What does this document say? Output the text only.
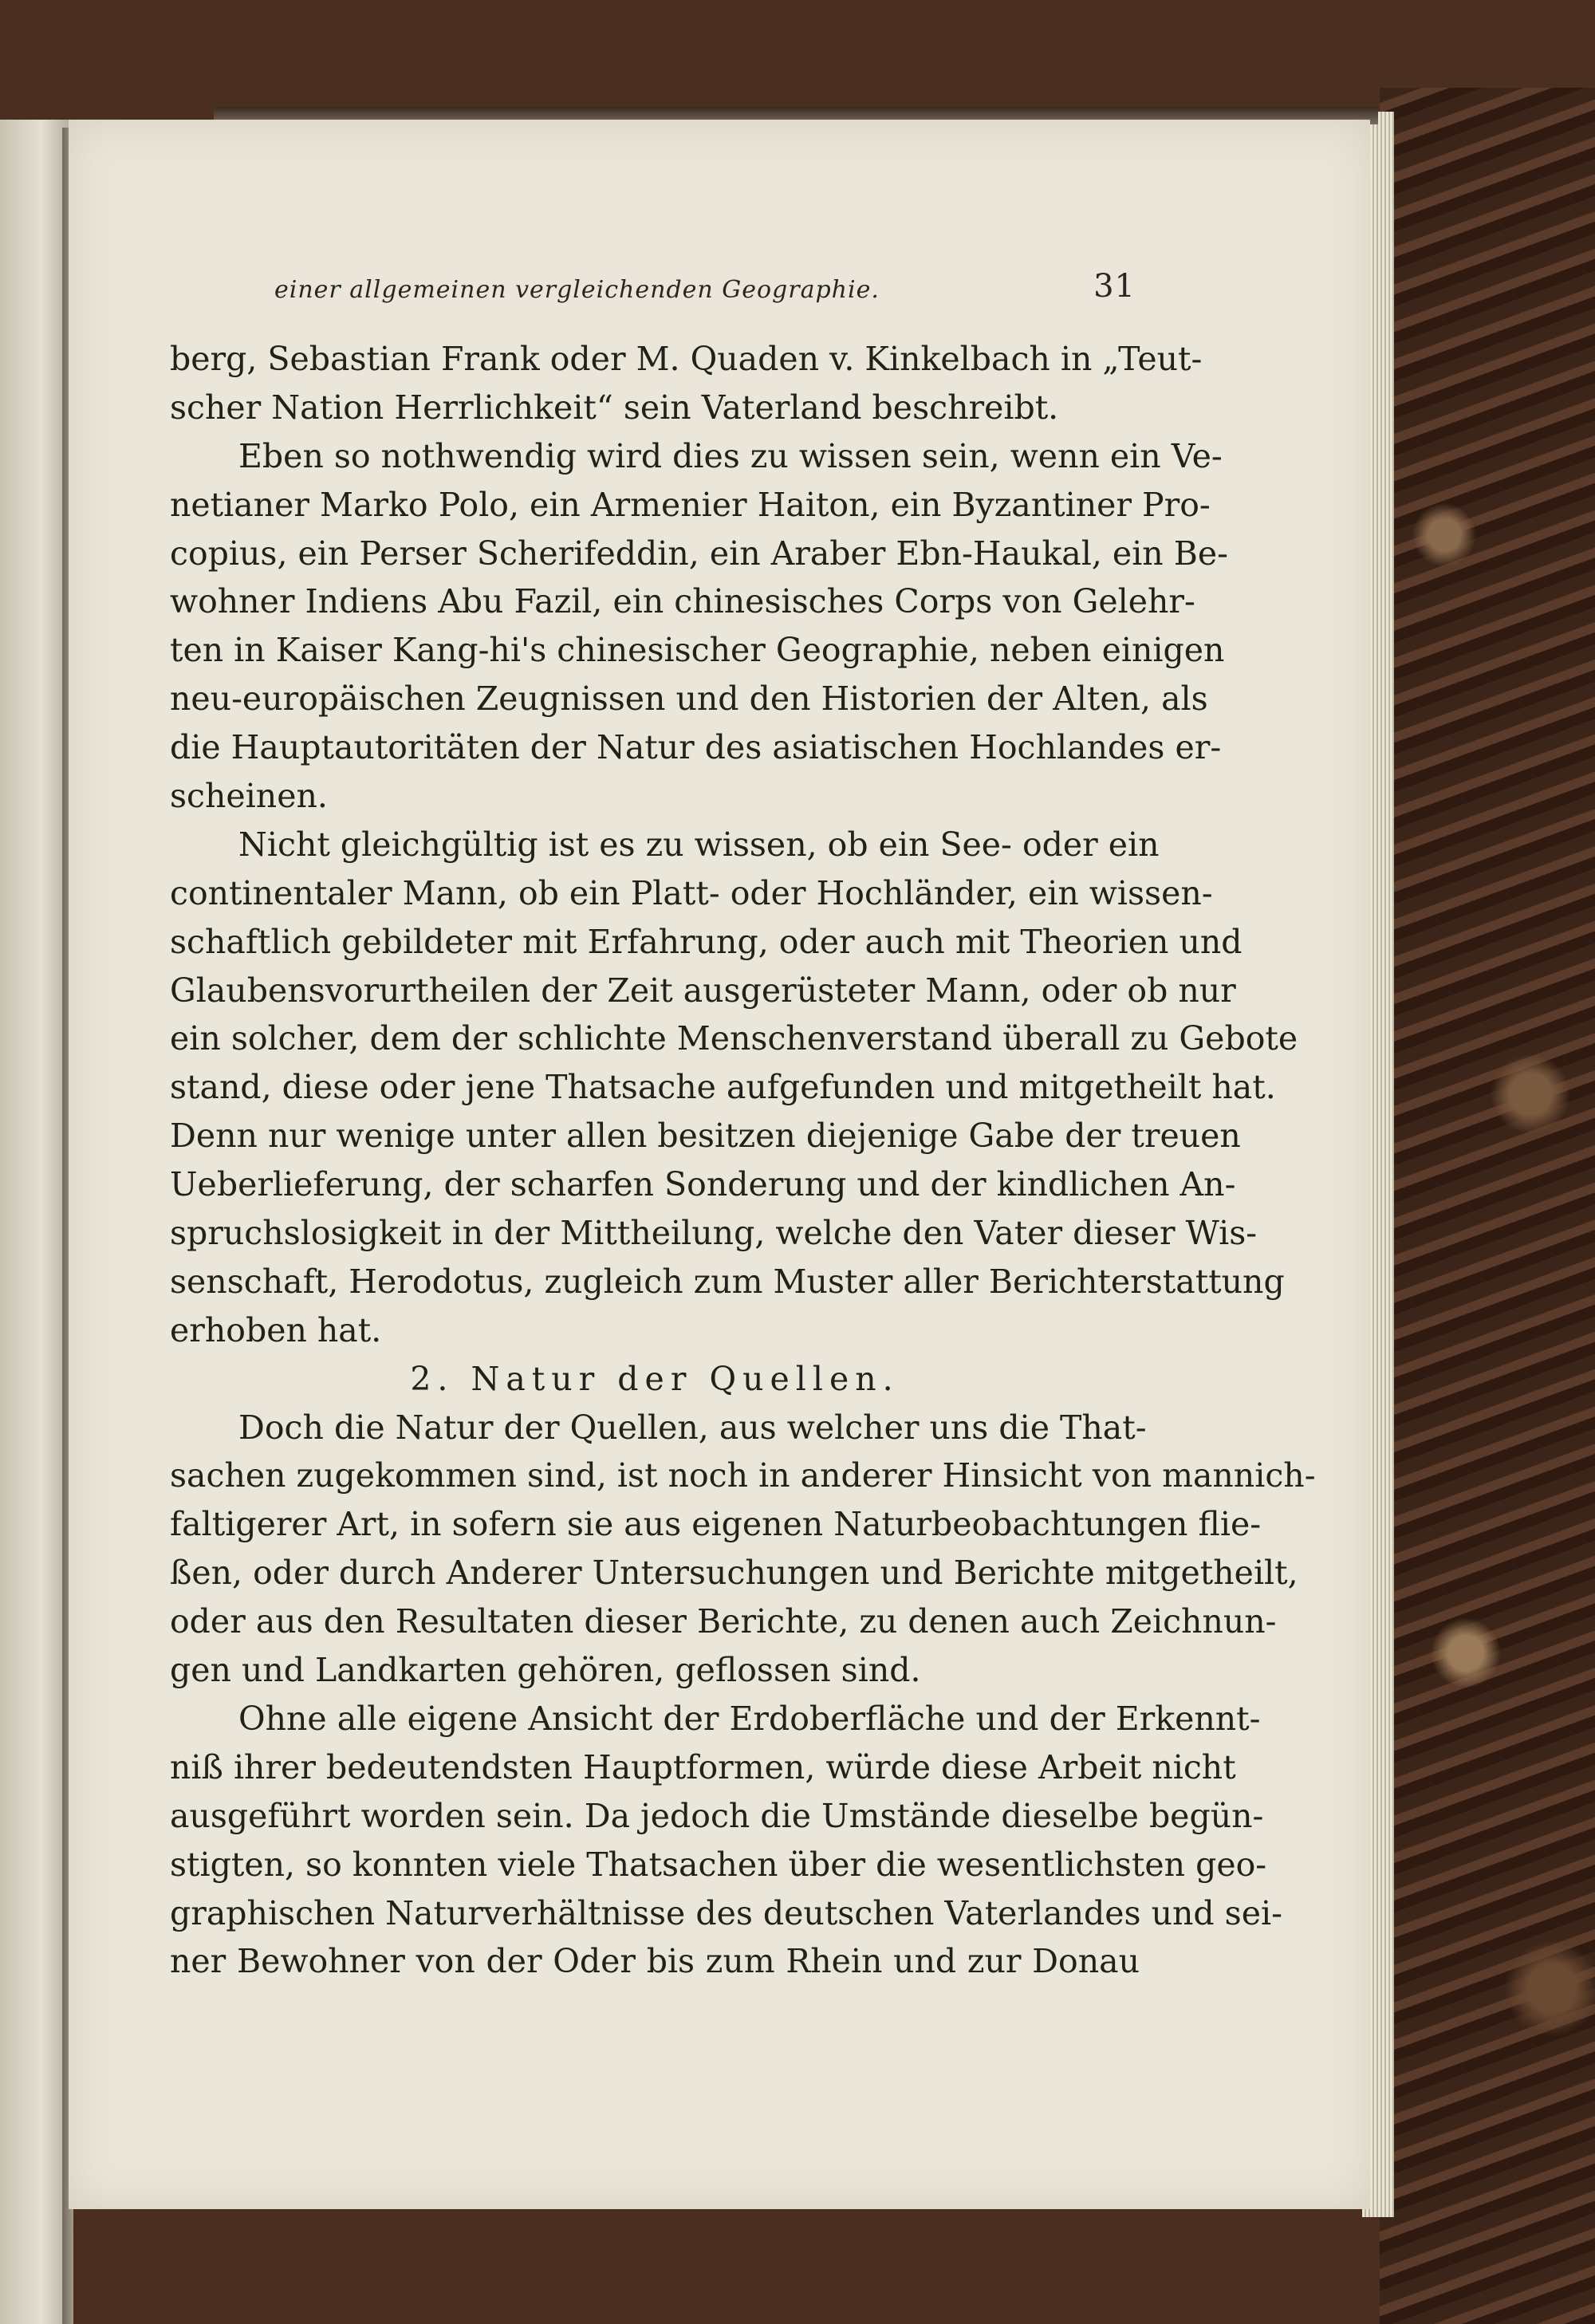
einer allgemeinen vergleichenden Geographie.	31
berg, Sebastian Frank oder M. Quaden v. Kinkelbach in „Teut-
scher Nation Herrlichkeit“ sein Vaterland beschreibt.
Eben so nothwendig wird dies zu wissen sein, wenn ein Ve-
netianer Marko Polo, ein Armenier Haiton, ein Byzantiner Pro-
copius, ein Perser Scherifeddin, ein Araber Ebn-Haukal, ein Be-
wohner Indiens Abu Fazil, ein chinesisches Corps von Gelehr-
ten in Kaiser Kang-hi's chinesischer Geographie, neben einigen
neu-europäischen Zeugnissen und den Historien der Alten, als
die Hauptautoritäten der Natur des asiatischen Hochlandes er-
scheinen.
Nicht gleichgültig ist es zu wissen, ob ein See- oder ein
continentaler Mann, ob ein Platt- oder Hochländer, ein wissen-
schaftlich gebildeter mit Erfahrung, oder auch mit Theorien und
Glaubensvorurtheilen der Zeit ausgerüsteter Mann, oder ob nur
ein solcher, dem der schlichte Menschenverstand überall zu Gebote
stand, diese oder jene Thatsache aufgefunden und mitgetheilt hat.
Denn nur wenige unter allen besitzen diejenige Gabe der treuen
Ueberlieferung, der scharfen Sonderung und der kindlichen An-
spruchslosigkeit in der Mittheilung, welche den Vater dieser Wis-
senschaft, Herodotus, zugleich zum Muster aller Berichterstattung
erhoben hat.
2. Natur der Quellen.
Doch die Natur der Quellen, aus welcher uns die That-
sachen zugekommen sind, ist noch in anderer Hinsicht von mannich-
faltigerer Art, in sofern sie aus eigenen Naturbeobachtungen flie-
ßen, oder durch Anderer Untersuchungen und Berichte mitgetheilt,
oder aus den Resultaten dieser Berichte, zu denen auch Zeichnun-
gen und Landkarten gehören, geflossen sind.
Ohne alle eigene Ansicht der Erdoberfläche und der Erkennt-
niß ihrer bedeutendsten Hauptformen, würde diese Arbeit nicht
ausgeführt worden sein. Da jedoch die Umstände dieselbe begün-
stigten, so konnten viele Thatsachen über die wesentlichsten geo-
graphischen Naturverhältnisse des deutschen Vaterlandes und sei-
ner Bewohner von der Oder bis zum Rhein und zur Donau
